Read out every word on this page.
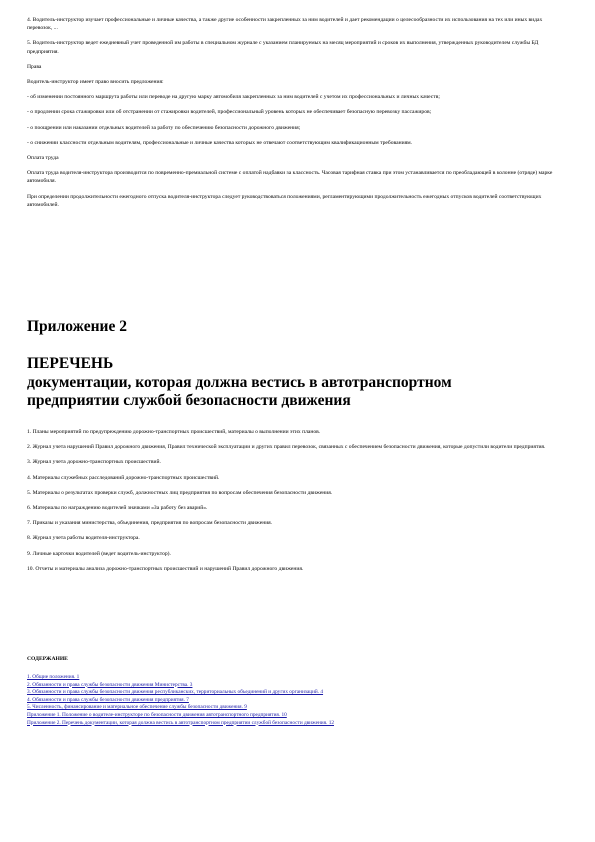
4. Водитель-инструктор изучает профессиональные и личные качества, а также другие особенности закрепленных за ним водителей и дает рекомендации о целесообразности их использования на тех или иных видах перевозок, ...

5. Водитель-инструктор ведет ежедневный учет проведенной им работы в специальном журнале с указанием планируемых на месяц мероприятий и сроков их выполнения, утвержденных руководителем службы БД предприятия.

Права

Водитель-инструктор имеет право вносить предложения:

- об изменении постоянного маршрута работы или переводе на другую марку автомобиля закрепленных за ним водителей с учетом их профессиональных и личных качеств;

- о продлении срока стажировки или об отстранении от стажировки водителей, профессиональный уровень которых не обеспечивает безопасную перевозку пассажиров;

- о поощрении или наказании отдельных водителей за работу по обеспечению безопасности дорожного движения;

- о снижении классности отдельным водителям, профессиональные и личные качества которых не отвечают соответствующим квалификационным требованиям.

Оплата труда

Оплата труда водителя-инструктора производится по повременно-премиальной системе с оплатой надбавки за классность. Часовая тарифная ставка при этом устанавливается по преобладающей в колонне (отряде) марке автомобиля.

При определении продолжительности ежегодного отпуска водителя-инструктора следует руководствоваться положениями, регламентирующими продолжительность ежегодных отпусков водителей соответствующих автомобилей.

Приложение 2
ПЕРЕЧЕНЬ
документации, которая должна вестись в автотранспортном
предприятии службой безопасности движения

1. Планы мероприятий по предупреждению дорожно-транспортных происшествий, материалы о выполнении этих планов.

2. Журнал учета нарушений Правил дорожного движения, Правил технической эксплуатации и других правил перевозок, связанных с обеспечением безопасности движения, которые допустили водители предприятия.

3. Журнал учета дорожно-транспортных происшествий.

4. Материалы служебных расследований дорожно-транспортных происшествий.

5. Материалы о результатах проверки служб, должностных лиц предприятия по вопросам обеспечения безопасности движения.

6. Материалы по награждению водителей значками «За работу без аварий».

7. Приказы и указания министерства, объединения, предприятия по вопросам безопасности движения.

8. Журнал учета работы водителя-инструктора.

9. Личные карточки водителей (ведет водитель-инструктор).

10. Отчеты и материалы анализа дорожно-транспортных происшествий и нарушений Правил дорожного движения.

СОДЕРЖАНИЕ

1. Общие положения. 1
2. Обязанности и права службы безопасности движения Министерства. 3
3. Обязанности и права службы безопасности движения республиканских, территориальных объединений и других организаций. 4
4. Обязанности и права службы безопасности движения предприятия. 7
5. Численность, финансирование и материальное обеспечение службы безопасности движения. 9
Приложение 1. Положение о водителе-инструкторе по безопасности движения автотранспортного предприятия. 10
Приложение 2. Перечень документации, которая должна вестись в автотранспортном предприятии службой безопасности движения. 12
